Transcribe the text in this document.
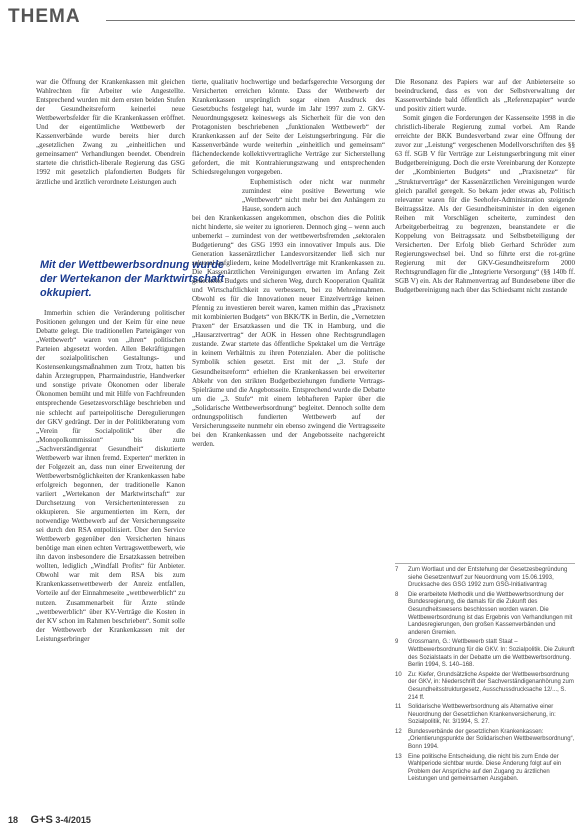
THEMA

war die Öffnung der Krankenkassen mit gleichen Wahlrechten für Arbeiter wie Angestellte. Entsprechend wurden mit dem ersten beiden Stufen der Gesundheitsreform keinerlei neue Wettbewerbsfelder für die Krankenkassen eröffnet. Und der eigentümliche Wettbewerb der Kassenverbände wurde bereits hier durch „gesetzlichen Zwang zu „einheitlichen und gemeinsamen“ Verhandlungen beendet. Obendrein startete die christlich-liberale Regierung das GSG 1992 mit gesetzlich plafondierten Budgets für ärztliche und ärztlich verordnete Leistungen auch

Mit der Wettbewerbsordnung wurde der Wertekanon der Marktwirtschaft okkupiert.

Immerhin schien die Veränderung politischer Positionen gelungen und der Keim für eine neue Debatte gelegt. Die traditionellen Parteigänger von „Wettbewerb“ waren von „ihren“ politischen Parteien abgesetzt worden. Allen Bekräftigungen der sozialpolitischen Gestaltungs- und Kostensenkungsmaßnahmen zum Trotz, hatten bis dahin Ärztegruppen, Pharmaindustrie, Handwerker und sonstige private Ökonomen oder liberale Ökonomen bemüht und mit Hilfe von Fachfreunden entsprechende Gesetzesvorschläge beschrieben und nie schlecht auf parteipolitische Deregulierungen der GKV gedrängt. Der in der Politikberatung vom „Verein für Socialpolitik“ über die „Monopolkommission“ bis zum „Sachverständigenrat Gesundheit“ diskutierte Wettbewerb war ihnen fremd. Experten“ merkten in der Folgezeit an, dass nun einer Erweiterung der Wettbewerbsmöglichkeiten der Krankenkassen habe erfolgreich begonnen, der traditionelle Kanon variiert „Wertekanon der Marktwirtschaft“ zur Durchsetzung von Versicherteninteressen zu okkupieren. Sie argumentierten im Kern, der notwendige Wettbewerb auf der Versicherungsseite sei durch den RSA entpolitisiert. Über den Service Wettbewerb gegenüber den Versicherten hinaus benötige man einen echten Vertragswettbewerb, wie ihn davon insbesondere die Ersatzkassen betreiben wollten, lediglich „Windfall Profits“ für Anbieter. Obwohl war mit dem RSA bis zum Krankenkassenwettbewerb der Anreiz entfallen, Vorteile auf der Einnahmeseite „wettbewerblich“ zu nutzen. Zusammenarbeit für Ärzte stünde „wettbewerblich“ über KV-Verträge die Kosten in der KV schon im Rahmen beschrieben“. Somit solle der Wettbewerb der Krankenkassen mit der Leistungserbringer

tierte, qualitativ hochwertige und bedarfsgerechte Versorgung der Versicherten erreichen könnte. Dass der Wettbewerb der Krankenkassen ursprünglich sogar einen Ausdruck des Gesetzbuchs festgelegt hat, wurde im Jahr 1997 zum 2. GKV-Neuordnungsgesetz keineswegs als Sicherheit für die von den Protagonisten beschriebenen „funktionalen Wettbewerb“ der Krankenkassen auf der Seite der Leistungserbringung. Für die Kassenverbände wurde weiterhin „einheitlich und gemeinsam“ flächendeckende kollektivvertragliche Verträge zur Sicherstellung gefordert, die mit Kontrahierungszwang und entsprechenden Schiedsregelungen vorgegeben.

Euphemistisch oder nicht war nunmehr zumindest eine positive Bewertung wie „Wettbewerb“ nicht mehr bei den Anhängern zu Hause, sondern auch

bei den Krankenkassen angekommen, obschon dies die Politik nicht hinderte, sie weiter zu ignorieren. Dennoch ging – wenn auch unbemerkt – zumindest von der wettbewerbsfremden „sektoralen Budgetierung“ des GSG 1993 ein innovativer Impuls aus. Die Generation kassenärztlicher Landesvorsitzender ließ sich nur sektoral aufgliedern, keine Modellverträge mit Krankenkassen zu. Die Kassenärztlichen Vereinigungen erwarten im Anfang Zeit gedeckelte Budgets und sicheren Weg, durch Kooperation Qualität und Wirtschaftlichkeit zu verbessern, bei zu Mehreinnahmen. Obwohl es für die Innovationen neuer Einzelverträge keinen Pfennig zu investieren bereit waren, kamen mithin das „Praxisnetz mit kombinierten Budgets“ von BKK/TK in Berlin, die „Vernetzten Praxen“ der Ersatzkassen und die TK in Hamburg, und die „Hausarztvertrag“ der AOK in Hessen ohne Rechtsgrundlagen zustande. Zwar startete das öffentliche Spektakel um die Verträge in keinem Verhältnis zu ihren Potenzialen. Aber die politische Symbolik schien gesetzt. Erst mit der „3. Stufe der Gesundheitsreform“ erhielten die Krankenkassen bei erweiterter Abkehr von den strikten Budgetbeziehungen fundierte Vertrags-Spielräume und die Angebotsseite. Entsprechend wurde die Debatte um die „3. Stufe“ mit einem lebhafteren Papier über die „Solidarische Wettbewerbsordnung“ begleitet. Dennoch sollte dem ordnungspolitisch fundierten Wettbewerb auf der Versicherungsseite nunmehr ein ebenso zwingend die Vertragsseite bei den Krankenkassen und der Angebotsseite nachgereicht werden.

Die Resonanz des Papiers war auf der Anbieterseite so beeindruckend, dass es von der Selbstverwaltung der Kassenverbände bald öffentlich als „Referenzpapier“ wurde und positiv zitiert wurde.

Somit gingen die Forderungen der Kassenseite 1998 in die christlich-liberale Regierung zumal vorbei. Am Rande erreichte der BKK Bundesverband zwar eine Öffnung der zuvor zur „Leistung“ vergeschenen Modellvorschriften des §§ 63 ff. SGB V für Verträge zur Leistungserbringung mit einer Budgetbereinigung. Doch die erste Vereinbarung der Konzepte der „Kombinierten Budgets“ und „Praxisnetze“ für „Strukturverträge“ der Kassenärztlichen Vereinigungen wurde gleich parallel geregelt. So bekam jeder etwas ab, Politisch relevanter waren für die Seehofer-Administration steigende Beitragssätze. Als der Gesundheitsminister in den eigenen Reihen mit Vorschlägen scheiterte, zumindest den Arbeitgeberbeitrag zu begrenzen, beanstandete er die Koppelung von Beitragssatz und Selbstbeteiligung der Versicherten. Der Erfolg blieb Gerhard Schröder zum Regierungswechsel bei. Und so führte erst die rot-grüne Regierung mit der GKV-Gesundheitsreform 2000 Rechtsgrundlagen für die „Integrierte Versorgung“ (§§ 140b ff. SGB V) ein. Als der Rahmenvertrag auf Bundesebene über die Budgetbereinigung nach über das Schiedsamt nicht zustande

7	Zum Wortlaut und der Entstehung der Gesetzesbegründung siehe Gesetzentwurf zur Neuordnung vom 15.06.1993, Drucksache des GSG 1992 zum GSG-Initiativantrag
8	Die erarbeitete Methodik und die Wettbewerbsordnung der Bundesregierung, die damals für die Zukunft des Gesundheitswesens beschlossen worden waren. Die Wettbewerbsordnung ist das Ergebnis von Verhandlungen mit Landesregierungen, den großen Kassenverbänden und anderen Gremien.
9	Grossmann, G.: Wettbewerb statt Staat – Wettbewerbsordnung für die GKV. In: Sozialpolitik. Die Zukunft des Sozialstaats in der Debatte um die Wettbewerbsordnung. Berlin 1994, S. 140–168.
10	Zu: Kiefer, Grundsätzliche Aspekte der Wettbewerbsordnung der GKV, in: Niederschrift der Sachverständigenanhörung zum Gesundheitsstrukturgesetz, Ausschussdrucksache 12/..., S. 214 ff.
11	Solidarische Wettbewerbsordnung als Alternative einer Neuordnung der Gesetzlichen Krankenversicherung, in: Sozialpolitik, Nr. 3/1994, S. 27.
12	Bundesverbände der gesetzlichen Krankenkassen: „Orientierungspunkte der Solidarischen Wettbewerbsordnung“, Bonn 1994.
13	Eine politische Entscheidung, die nicht bis zum Ende der Wahlperiode sichtbar wurde. Diese Änderung folgt auf ein Problem der Ansprüche auf den Zugang zu ärztlichen Leistungen und gemeinsamen Ausgaben.
18 G+S 3-4/2015
